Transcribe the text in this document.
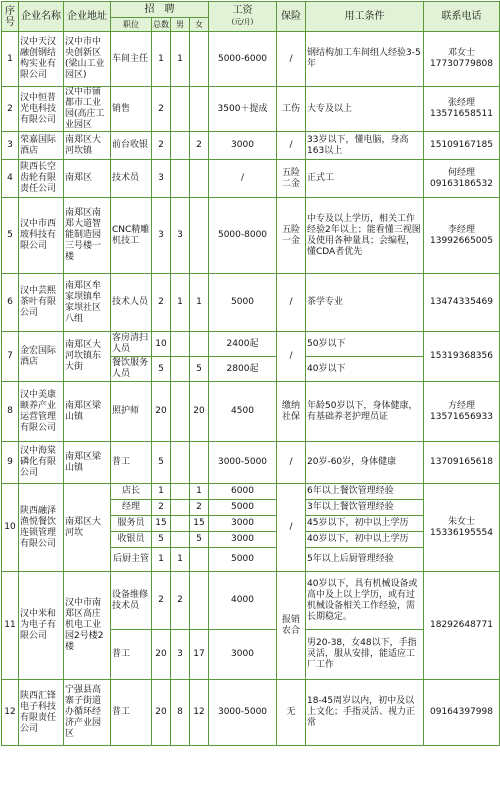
序号	企业名称	企业地址	招　聘				工资
(元/月)	保险	用工条件	联系电话
			职位	总数	男	女				
1	汉中天汉融创钢结构实业有限公司	汉中市中央创新区(梁山工业园区)	车间主任	1	1		5000-6000	/	钢结构加工车间组人经验3-5年	邓女士 17730779808
2	汉中恒普光电科技有限公司	汉中市铺都市工业园(高庄工业园区	销售	2			3500＋提成	工伤	大专及以上	张经理 13571658511
3	荣嘉国际酒店	南郑区大河坎镇	前台收银	2		2	3000	/	33岁以下，懂电脑，身高163以上	15109167185
4	陕西长空齿轮有限责任公司	南郑区	技术员	3			/	五险二金	正式工	何经理 09163186532
5	汉中市西玻科技有限公司	南郑区南郑大道智能制造园三号楼一楼	CNC精雕机技工	3	3		5000-8000	五险一金	中专及以上学历，相关工作经验2年以上；能看懂三视图及使用各种量具；会编程，懂CDA者优先	李经理 13992665005
6	汉中芸熙茶叶有限公司	南郑区牟家坝镇牟家坝社区八组	技术人员	2	1	1	5000	/	茶学专业	13474335469
7	金宏国际酒店	南郑区大河坎镇东大街	客房清扫人员	10			2400起	/	50岁以下	15319368356
			餐饮服务人员	5		5	2800起		40岁以下	
8	汉中美康颐养产业运营管理有限公司	南郑区梁山镇	照护师	20		20	4500	缴纳社保	年龄50岁以下，身体健康，有基础养老护理员证	方经理 13571656933
9	汉中海棠磷化有限公司	南郑区梁山镇	普工	5			3000-5000	/	20岁-60岁，身体健康	13709165618
10	陕西融泽渔悦餐饮连锁管理有限公司	南郑区大河坎	店长	1		1	6000	/	6年以上餐饮管理经验	朱女士 15336195554
			经理	2		2	5000		3年以上餐饮管理经验	
			服务员	15		15	3000		45岁以下，初中以上学历	
			收银员	5		5	3000		40岁以下，初中以上学历	
			后厨主管	1	1		5000		5年以上后厨管理经验	
11	汉中米和为电子有限公司	汉中市南郑区高庄机电工业园2号楼2楼	设备维修技术员	2	2		4000	报销农合	40岁以下，具有机械设备或高中及上以上学历，或有过机械设备相关工作经验，需长期稳定。	18292648771
			普工	20	3	17	3000		男20-38，女48以下，手指灵活，服从安排，能适应工厂工作	
12	陕西汇锋电子科技有限责任公司	宁强县高寨子街道办循环经济产业园区	普工	20	8	12	3000-5000	无	18-45周岁以内，初中及以上文化；手指灵活、视力正常	09164397998
